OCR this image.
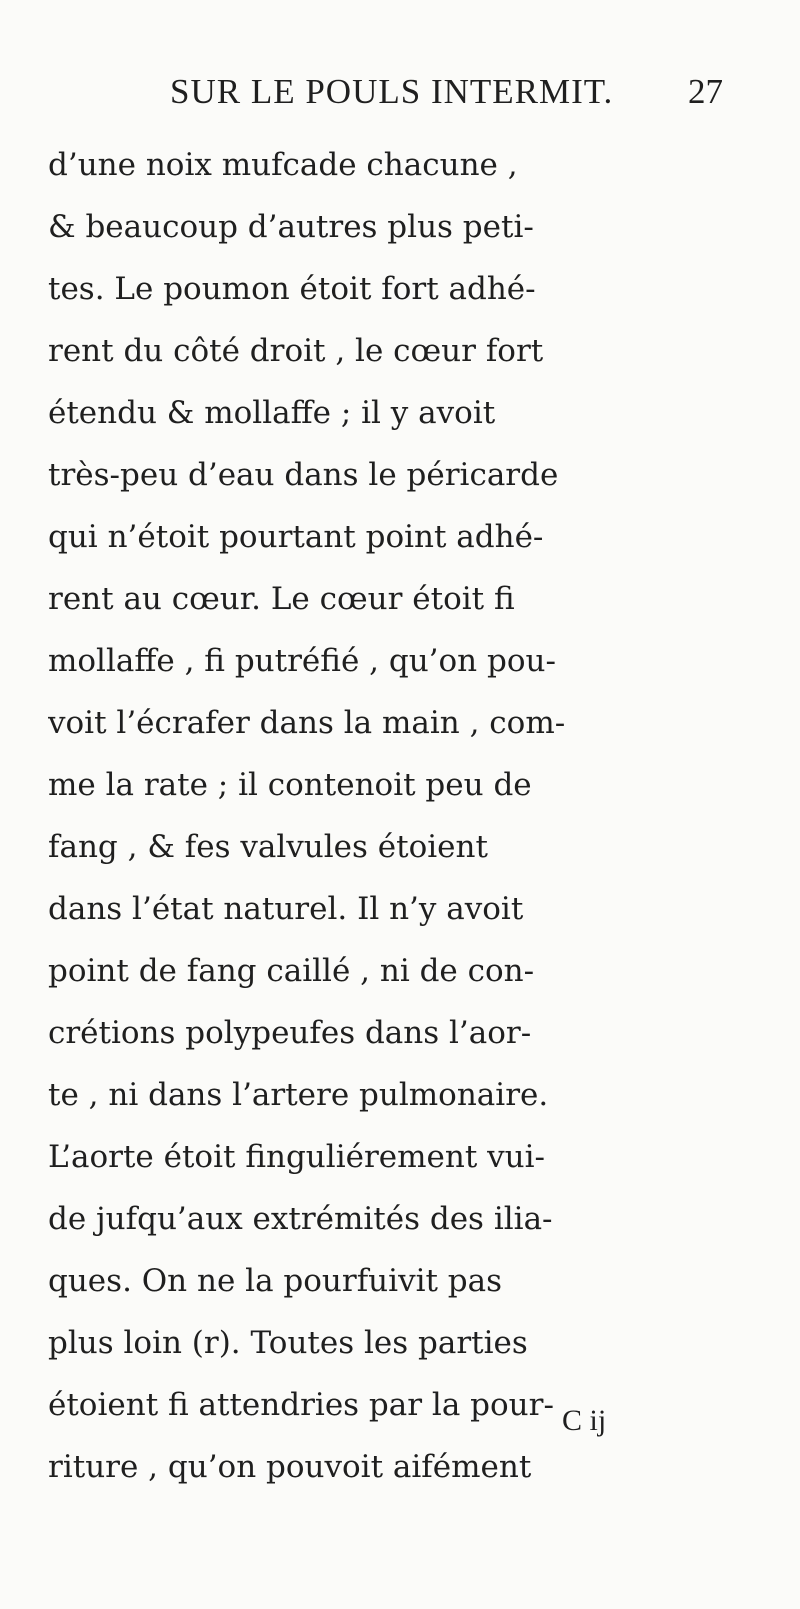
SUR LE POULS INTERMIT. 27
d’une noix mufcade chacune ,
& beaucoup d’autres plus peti-
tes. Le poumon étoit fort adhé-
rent du côté droit , le cœur fort
étendu & mollaffe ; il y avoit
très-peu d’eau dans le péricarde
qui n’étoit pourtant point adhé-
rent au cœur. Le cœur étoit fi
mollaffe , fi putréfié , qu’on pou-
voit l’écrafer dans la main , com-
me la rate ; il contenoit peu de
fang , & fes valvules étoient
dans l’état naturel. Il n’y avoit
point de fang caillé , ni de con-
crétions polypeufes dans l’aor-
te , ni dans l’artere pulmonaire.
L’aorte étoit finguliérement vui-
de jufqu’aux extrémités des ilia-
ques. On ne la pourfuivit pas
plus loin (r). Toutes les parties
étoient fi attendries par la pour-
riture , qu’on pouvoit aifément
C ij
